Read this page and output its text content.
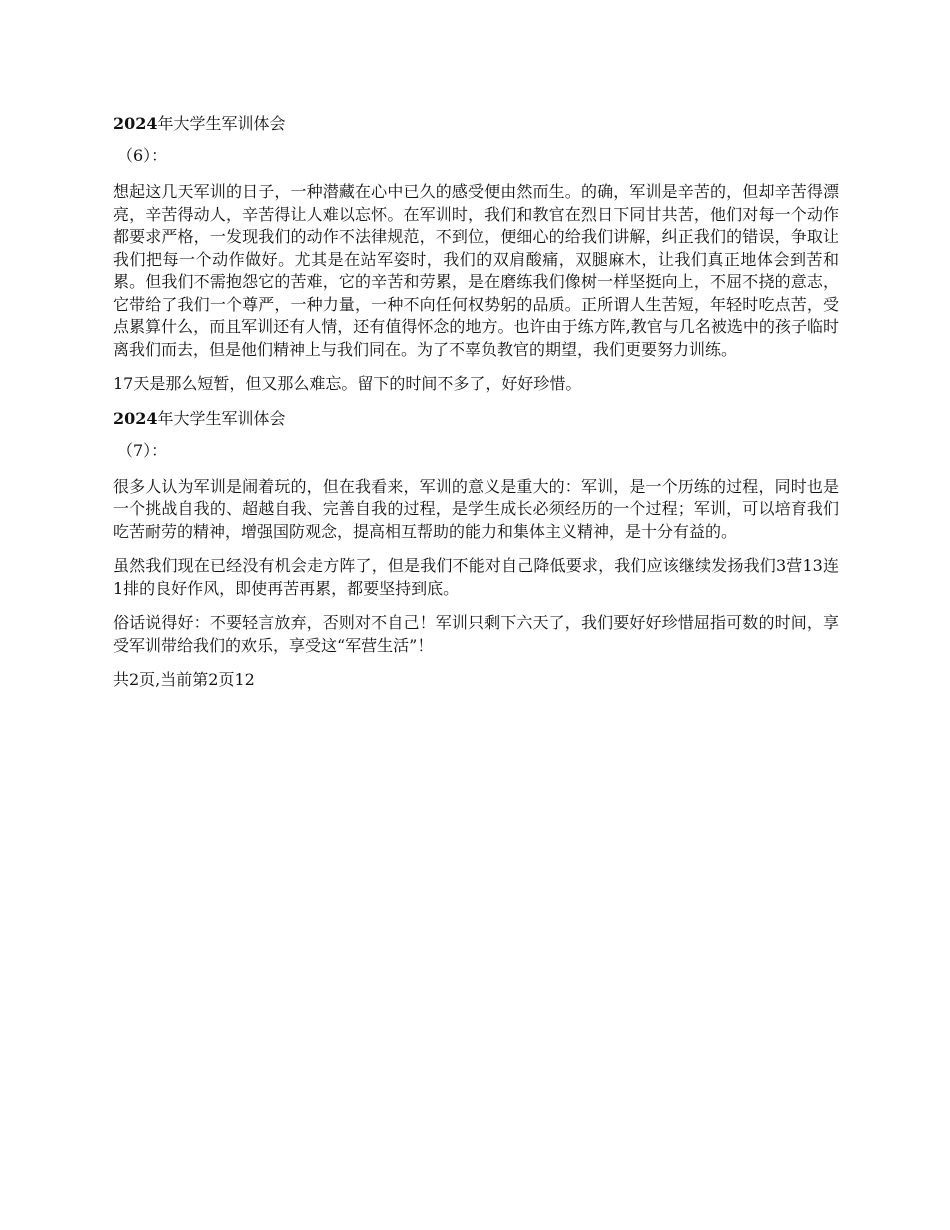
2024年大学生军训体会

（6）：

想起这几天军训的日子，一种潜藏在心中已久的感受便由然而生。的确，军训是辛苦的，但却辛苦得漂亮，辛苦得动人，辛苦得让人难以忘怀。在军训时，我们和教官在烈日下同甘共苦，他们对每一个动作都要求严格，一发现我们的动作不法律规范，不到位，便细心的给我们讲解，纠正我们的错误，争取让我们把每一个动作做好。尤其是在站军姿时，我们的双肩酸痛，双腿麻木，让我们真正地体会到苦和累。但我们不需抱怨它的苦难，它的辛苦和劳累，是在磨练我们像树一样坚挺向上，不屈不挠的意志，它带给了我们一个尊严，一种力量，一种不向任何权势躬的品质。正所谓人生苦短，年轻时吃点苦，受点累算什么，而且军训还有人情，还有值得怀念的地方。也许由于练方阵,教官与几名被选中的孩子临时离我们而去，但是他们精神上与我们同在。为了不辜负教官的期望，我们更要努力训练。

17天是那么短暂，但又那么难忘。留下的时间不多了，好好珍惜。

2024年大学生军训体会

（7）：

很多人认为军训是闹着玩的，但在我看来，军训的意义是重大的：军训，是一个历练的过程，同时也是一个挑战自我的、超越自我、完善自我的过程，是学生成长必须经历的一个过程；军训，可以培育我们吃苦耐劳的精神，增强国防观念，提高相互帮助的能力和集体主义精神，是十分有益的。

虽然我们现在已经没有机会走方阵了，但是我们不能对自己降低要求，我们应该继续发扬我们3营13连1排的良好作风，即使再苦再累，都要坚持到底。

俗话说得好：不要轻言放弃，否则对不自己！军训只剩下六天了，我们要好好珍惜屈指可数的时间，享受军训带给我们的欢乐，享受这“军营生活”！

共2页,当前第2页12
